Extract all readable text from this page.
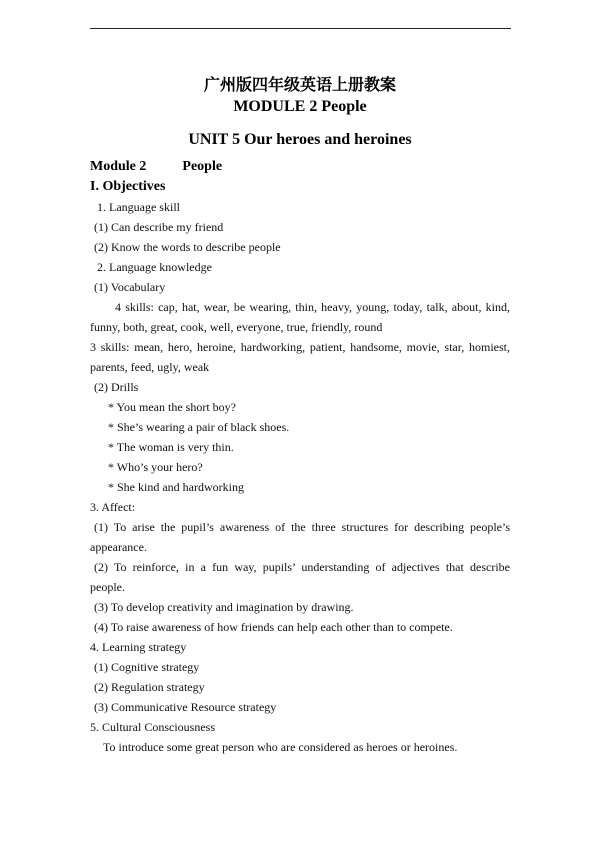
广州版四年级英语上册教案
MODULE 2 People
UNIT 5 Our heroes and heroines
Module 2	People
I. Objectives
1. Language skill
(1) Can describe my friend
(2) Know the words to describe people
2. Language knowledge
(1) Vocabulary
4 skills: cap, hat, wear, be wearing, thin, heavy, young, today, talk, about, kind,
funny, both, great, cook, well, everyone, true, friendly, round
3 skills: mean, hero, heroine, hardworking, patient, handsome, movie, star, homiest,
parents, feed, ugly, weak
(2) Drills
* You mean the short boy?
* She’s wearing a pair of black shoes.
* The woman is very thin.
* Who’s your hero?
* She kind and hardworking
3. Affect:
(1) To arise the pupil’s awareness of the three structures for describing people’s
appearance.
(2) To reinforce, in a fun way, pupils’ understanding of adjectives that describe
people.
(3) To develop creativity and imagination by drawing.
(4) To raise awareness of how friends can help each other than to compete.
4. Learning strategy
(1) Cognitive strategy
(2) Regulation strategy
(3) Communicative Resource strategy
5. Cultural Consciousness
To introduce some great person who are considered as heroes or heroines.
